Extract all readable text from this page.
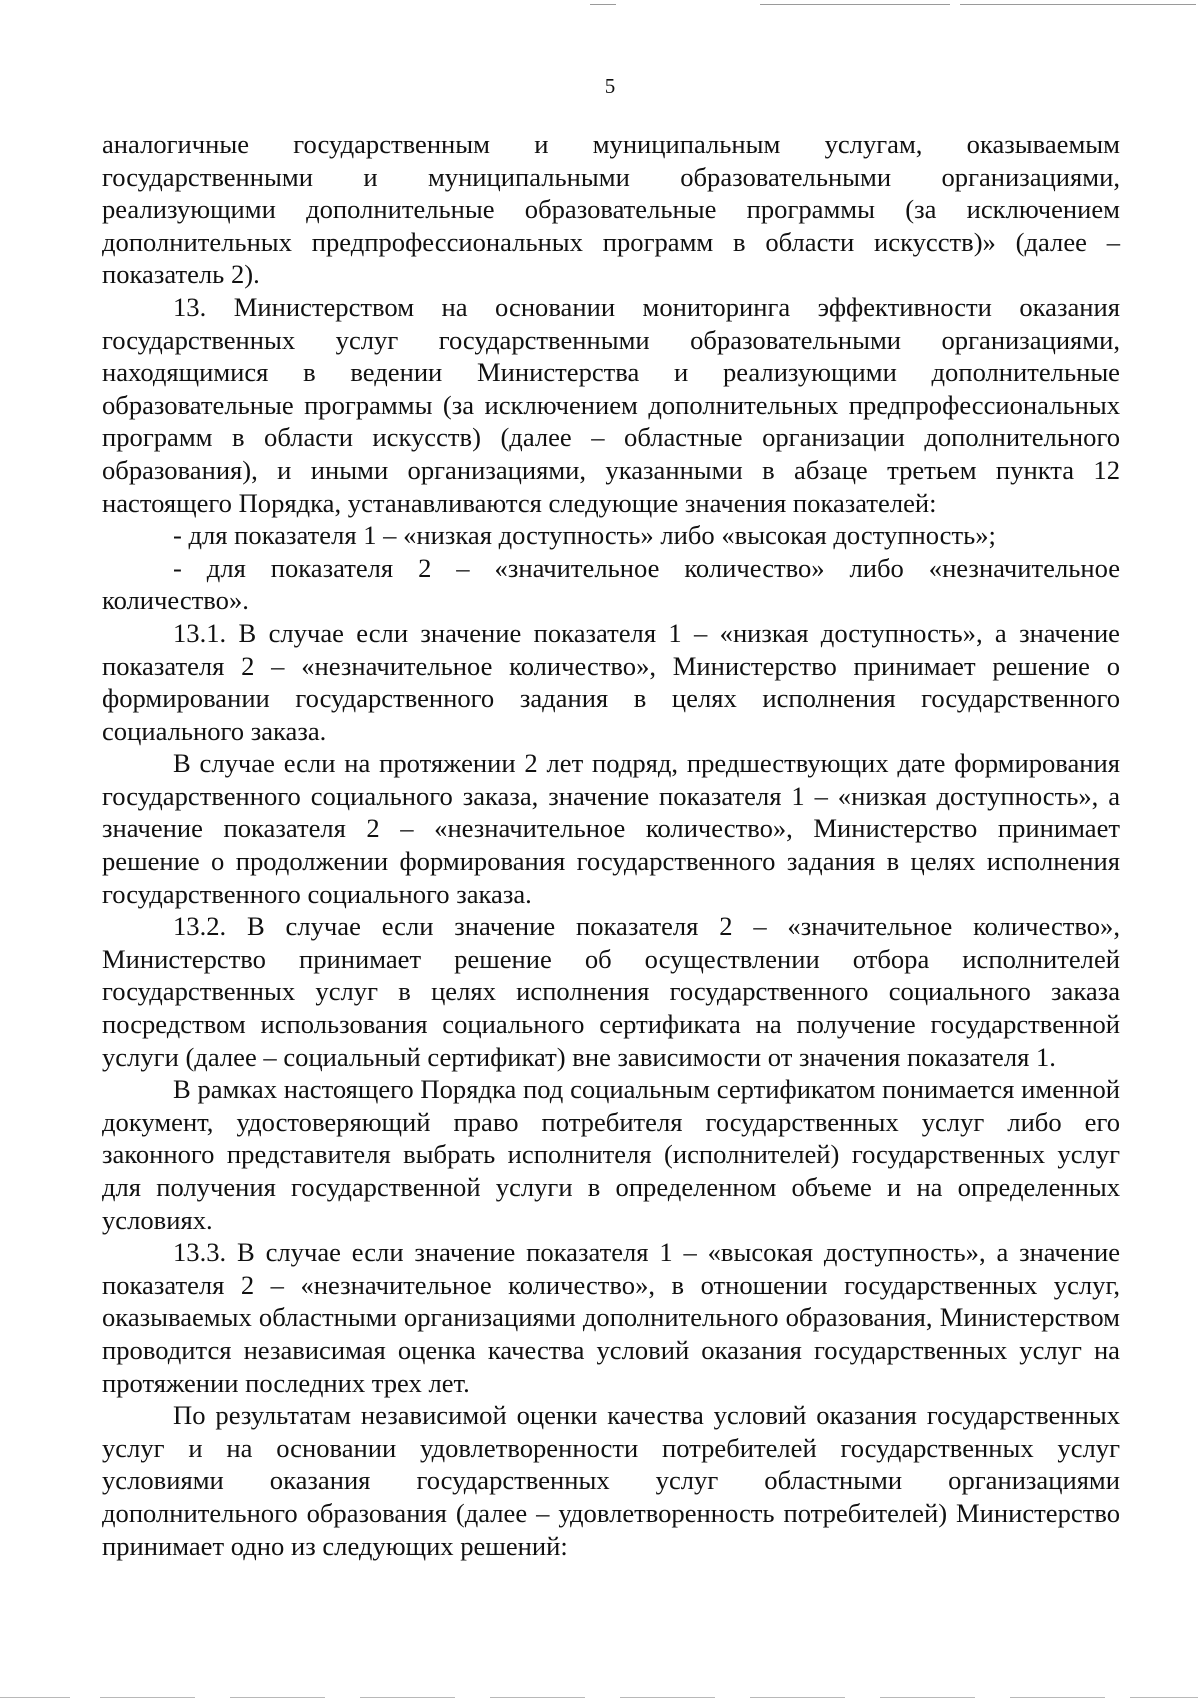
5

аналогичные государственным и муниципальным услугам, оказываемым государственными и муниципальными образовательными организациями, реализующими дополнительные образовательные программы (за исключением дополнительных предпрофессиональных программ в области искусств)» (далее – показатель 2).

13. Министерством на основании мониторинга эффективности оказания государственных услуг государственными образовательными организациями, находящимися в ведении Министерства и реализующими дополнительные образовательные программы (за исключением дополнительных предпрофессиональных программ в области искусств) (далее – областные организации дополнительного образования), и иными организациями, указанными в абзаце третьем пункта 12 настоящего Порядка, устанавливаются следующие значения показателей:

- для показателя 1 – «низкая доступность» либо «высокая доступность»;

- для показателя 2 – «значительное количество» либо «незначительное количество».

13.1. В случае если значение показателя 1 – «низкая доступность», а значение показателя 2 – «незначительное количество», Министерство принимает решение о формировании государственного задания в целях исполнения государственного социального заказа.

В случае если на протяжении 2 лет подряд, предшествующих дате формирования государственного социального заказа, значение показателя 1 – «низкая доступность», а значение показателя 2 – «незначительное количество», Министерство принимает решение о продолжении формирования государственного задания в целях исполнения государственного социального заказа.

13.2. В случае если значение показателя 2 – «значительное количество», Министерство принимает решение об осуществлении отбора исполнителей государственных услуг в целях исполнения государственного социального заказа посредством использования социального сертификата на получение государственной услуги (далее – социальный сертификат) вне зависимости от значения показателя 1.

В рамках настоящего Порядка под социальным сертификатом понимается именной документ, удостоверяющий право потребителя государственных услуг либо его законного представителя выбрать исполнителя (исполнителей) государственных услуг для получения государственной услуги в определенном объеме и на определенных условиях.

13.3. В случае если значение показателя 1 – «высокая доступность», а значение показателя 2 – «незначительное количество», в отношении государственных услуг, оказываемых областными организациями дополнительного образования, Министерством проводится независимая оценка качества условий оказания государственных услуг на протяжении последних трех лет.

По результатам независимой оценки качества условий оказания государственных услуг и на основании удовлетворенности потребителей государственных услуг условиями оказания государственных услуг областными организациями дополнительного образования (далее – удовлетворенность потребителей) Министерство принимает одно из следующих решений:
